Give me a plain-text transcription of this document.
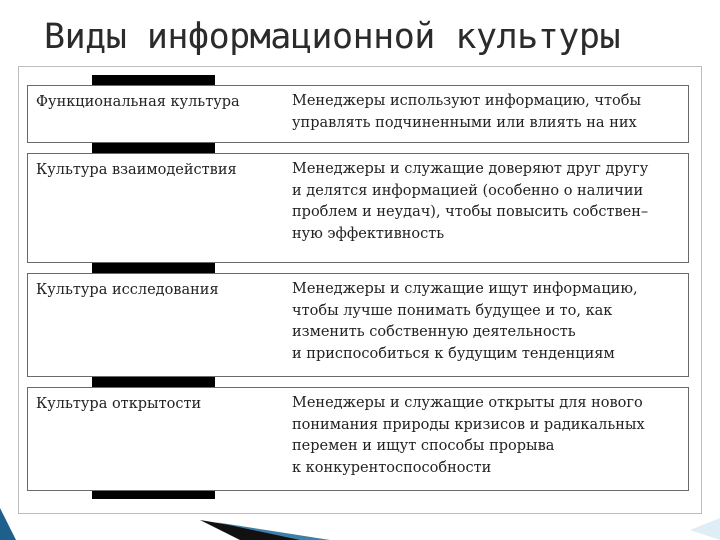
Виды информационной культуры
Функциональная культура	Менеджеры используют информацию, чтобы
управлять подчиненными или влиять на них
Культура взаимодействия	Менеджеры и служащие доверяют друг другу
и делятся информацией (особенно о наличии
проблем и неудач), чтобы повысить собствен–
ную эффективность
Культура исследования	Менеджеры и служащие ищут информацию,
чтобы лучше понимать будущее и то, как
изменить собственную деятельность
и приспособиться к будущим тенденциям
Культура открытости	Менеджеры и служащие открыты для нового
понимания природы кризисов и радикальных
перемен и ищут способы прорыва
к конкурентоспособности
